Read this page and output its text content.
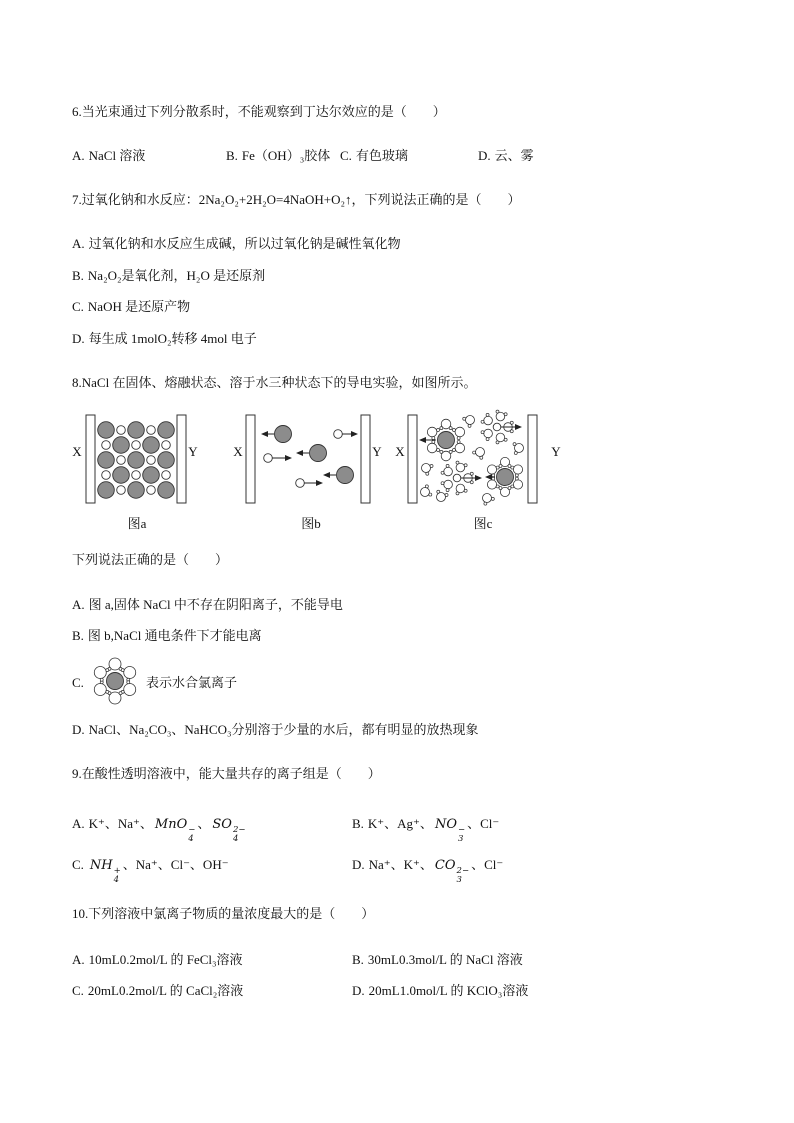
6.当光束通过下列分散系时，不能观察到丁达尔效应的是（　　）
A. NaCl 溶液	B. Fe（OH）₃胶体 C. 有色玻璃	D. 云、雾
7.过氧化钠和水反应：2Na₂O₂+2H₂O=4NaOH+O₂↑，下列说法正确的是（　　）
A. 过氧化钠和水反应生成碱，所以过氧化钠是碱性氧化物
B. Na₂O₂是氧化剂，H₂O 是还原剂
C. NaOH 是还原产物
D. 每生成 1molO₂转移 4mol 电子
8.NaCl 在固体、熔融状态、溶于水三种状态下的导电实验，如图所示。
X	Y
图a
X	Y
图b
X	Y
图c
下列说法正确的是（　　）
A. 图 a,固体 NaCl 中不存在阴阳离子，不能导电
B. 图 b,NaCl 通电条件下才能电离
C.	表示水合氯离子
D. NaCl、Na₂CO₃、NaHCO₃分别溶于少量的水后，都有明显的放热现象
9.在酸性透明溶液中，能大量共存的离子组是（　　）
A. K⁺、Na⁺、 MnO −
4
、 SO 2−
4
B. K⁺、Ag⁺、 NO −
3
、Cl⁻
C. NH +
4
、Na⁺、Cl⁻、OH⁻	D. Na⁺、K⁺、 CO 2−
3
、Cl⁻
10.下列溶液中氯离子物质的量浓度最大的是（　　）
A. 10mL0.2mol/L 的 FeCl₃溶液	B. 30mL0.3mol/L 的 NaCl 溶液
C. 20mL0.2mol/L 的 CaCl₂溶液	D. 20mL1.0mol/L 的 KClO₃溶液
